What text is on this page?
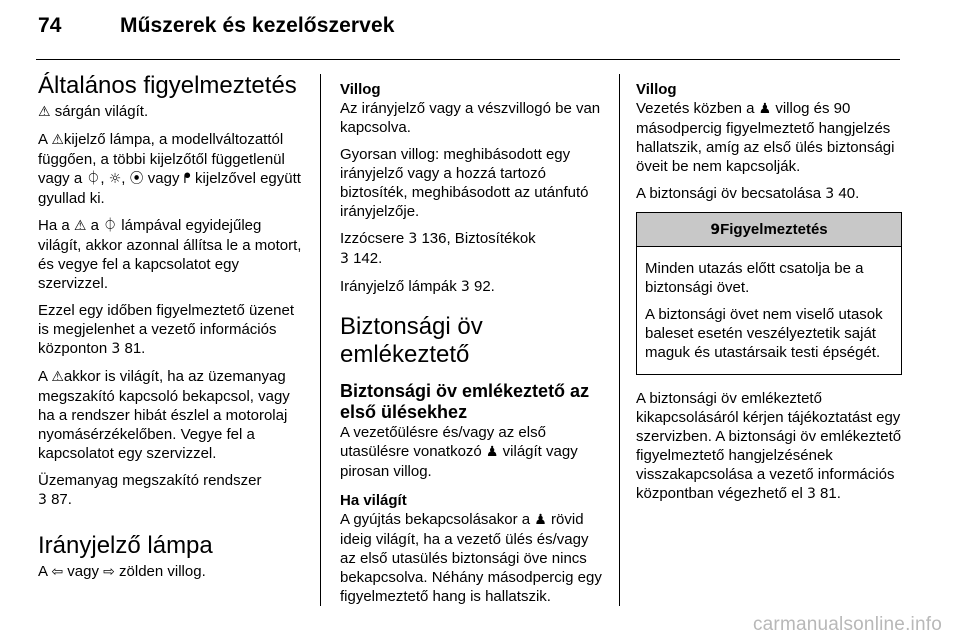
74	Műszerek és kezelőszervek
Általános figyelmeztetés

⚠ sárgán világít.

A ⚠kijelző lámpa, a modellváltozattól függően, a többi kijelzőtől függetlenül vagy a ⏀, ☼, ⦿ vagy ᖰ kijelzővel együtt gyullad ki.

Ha a ⚠ a ⏀ lámpával egyidejűleg világít, akkor azonnal állítsa le a motort, és vegye fel a kapcsolatot egy szervizzel.

Ezzel egy időben figyelmeztető üzenet is megjelenhet a vezető információs központon 3 81.

A ⚠akkor is világít, ha az üzemanyag megszakító kapcsoló bekapcsol, vagy ha a rendszer hibát észlel a motorolaj nyomásérzékelőben. Vegye fel a kapcsolatot egy szervizzel.

Üzemanyag megszakító rendszer
3 87.

Irányjelző lámpa

A ⇦ vagy ⇨ zölden villog.

Villog

Az irányjelző vagy a vészvillogó be van kapcsolva.

Gyorsan villog: meghibásodott egy irányjelző vagy a hozzá tartozó biztosíték, meghibásodott az utánfutó irányjelzője.

Izzócsere 3 136, Biztosítékok
3 142.

Irányjelző lámpák 3 92.

Biztonsági öv emlékeztető
Biztonsági öv emlékeztető az első ülésekhez

A vezetőülésre és/vagy az első utasülésre vonatkozó ♟ világít vagy pirosan villog.

Ha világít

A gyújtás bekapcsolásakor a ♟ rövid ideig világít, ha a vezető ülés és/vagy az első utasülés biztonsági öve nincs bekapcsolva. Néhány másodpercig egy figyelmeztető hang is hallatszik.

Villog

Vezetés közben a ♟ villog és 90 másodpercig figyelmeztető hangjelzés hallatszik, amíg az első ülés biztonsági öveit be nem kapcsolják.

A biztonsági öv becsatolása 3 40.

9Figyelmeztetés

Minden utazás előtt csatolja be a biztonsági övet.

A biztonsági övet nem viselő utasok baleset esetén veszélyeztetik saját maguk és utastársaik testi épségét.

A biztonsági öv emlékeztető kikapcsolásáról kérjen tájékoztatást egy szervizben. A biztonsági öv emlékeztető figyelmeztető hangjelzésének visszakapcsolása a vezető információs központban végezhető el 3 81.

carmanualsonline.info
